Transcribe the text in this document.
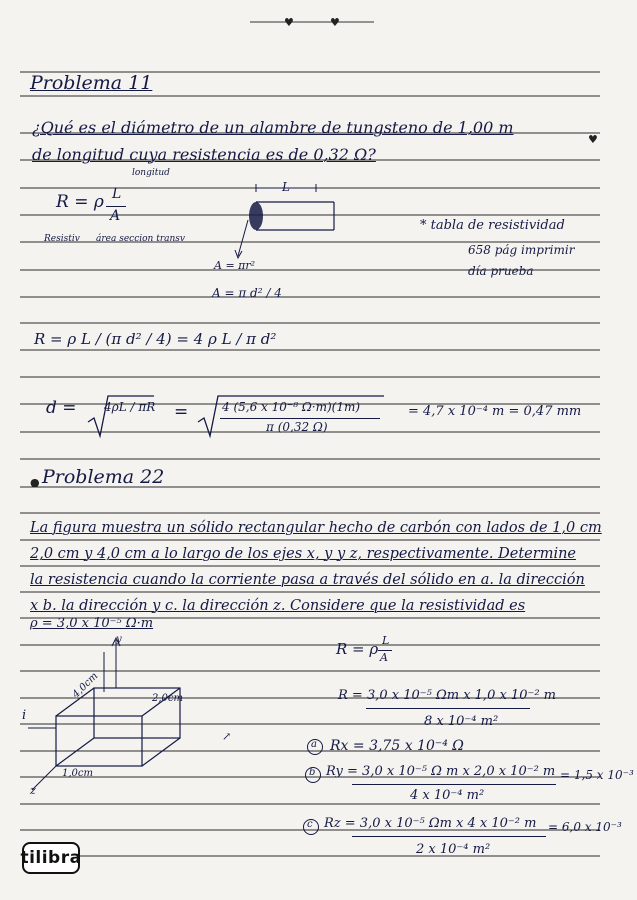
♥	♥
♥
Problema 11
¿Qué es el diámetro de un alambre de tungsteno de 1,00 m
de longitud cuya resistencia es de 0,32 Ω?
longitud
R = ρ L
A
Resistiv área seccion transv
L
A = πr²
A = π d² / 4
* tabla de resistividad
658 pág imprimir
día prueba
R = ρ L / (π d² / 4) = 4 ρ L / π d²
d = 4ρL / πR =	4 (5,6 x 10⁻⁸ Ω·m)(1m)
π (0,32 Ω)
= 4,7 x 10⁻⁴ m = 0,47 mm
● Problema 22
La figura muestra un sólido rectangular hecho de carbón con lados de 1,0 cm
2,0 cm y 4,0 cm a lo largo de los ejes x, y y z, respectivamente. Determine
la resistencia cuando la corriente pasa a través del sólido en a. la dirección
x b. la dirección y c. la dirección z. Considere que la resistividad es
ρ = 3,0 x 10⁻⁵ Ω·m
y
4,0cm	2,0cm
1,0cm
i
z
R = ρ L
A
R = 3,0 x 10⁻⁵ Ωm x 1,0 x 10⁻² m
8 x 10⁻⁴ m²
↗
a Rx = 3,75 x 10⁻⁴ Ω
b Ry = 3,0 x 10⁻⁵ Ω m x 2,0 x 10⁻² m
4 x 10⁻⁴ m²
= 1,5 x 10⁻³
c Rz = 3,0 x 10⁻⁵ Ωm x 4 x 10⁻² m
2 x 10⁻⁴ m²
= 6,0 x 10⁻³
tilibra
